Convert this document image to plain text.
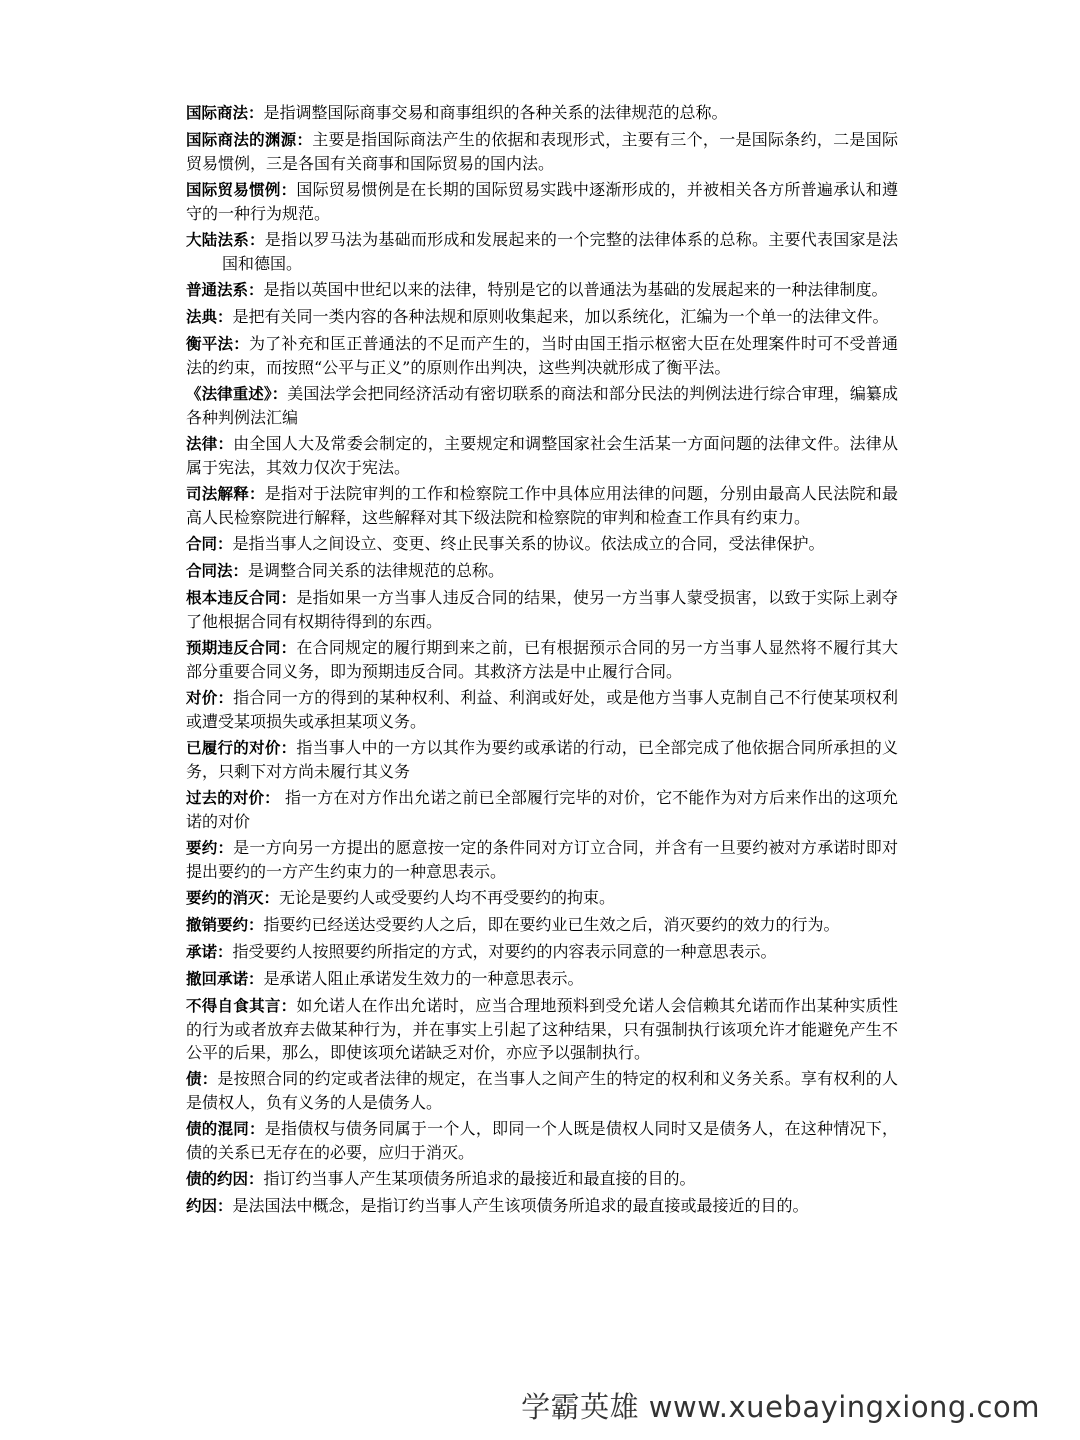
国际商法：是指调整国际商事交易和商事组织的各种关系的法律规范的总称。

国际商法的渊源：主要是指国际商法产生的依据和表现形式，主要有三个，一是国际条约，二是国际贸易惯例，三是各国有关商事和国际贸易的国内法。

国际贸易惯例：国际贸易惯例是在长期的国际贸易实践中逐渐形成的，并被相关各方所普遍承认和遵守的一种行为规范。

大陆法系：是指以罗马法为基础而形成和发展起来的一个完整的法律体系的总称。主要代表国家是法国和德国。

普通法系：是指以英国中世纪以来的法律，特别是它的以普通法为基础的发展起来的一种法律制度。

法典：是把有关同一类内容的各种法规和原则收集起来，加以系统化，汇编为一个单一的法律文件。

衡平法：为了补充和匡正普通法的不足而产生的，当时由国王指示枢密大臣在处理案件时可不受普通法的约束，而按照“公平与正义”的原则作出判决，这些判决就形成了衡平法。

《法律重述》：美国法学会把同经济活动有密切联系的商法和部分民法的判例法进行综合审理，编纂成各种判例法汇编

法律：由全国人大及常委会制定的，主要规定和调整国家社会生活某一方面问题的法律文件。法律从属于宪法，其效力仅次于宪法。

司法解释：是指对于法院审判的工作和检察院工作中具体应用法律的问题，分别由最高人民法院和最高人民检察院进行解释，这些解释对其下级法院和检察院的审判和检查工作具有约束力。

合同：是指当事人之间设立、变更、终止民事关系的协议。依法成立的合同，受法律保护。

合同法：是调整合同关系的法律规范的总称。

根本违反合同：是指如果一方当事人违反合同的结果，使另一方当事人蒙受损害，以致于实际上剥夺了他根据合同有权期待得到的东西。

预期违反合同：在合同规定的履行期到来之前，已有根据预示合同的另一方当事人显然将不履行其大部分重要合同义务，即为预期违反合同。其救济方法是中止履行合同。

对价：指合同一方的得到的某种权利、利益、利润或好处，或是他方当事人克制自己不行使某项权利或遭受某项损失或承担某项义务。

已履行的对价：指当事人中的一方以其作为要约或承诺的行动，已全部完成了他依据合同所承担的义务，只剩下对方尚未履行其义务

过去的对价： 指一方在对方作出允诺之前已全部履行完毕的对价，它不能作为对方后来作出的这项允诺的对价

要约：是一方向另一方提出的愿意按一定的条件同对方订立合同，并含有一旦要约被对方承诺时即对提出要约的一方产生约束力的一种意思表示。

要约的消灭：无论是要约人或受要约人均不再受要约的拘束。

撤销要约：指要约已经送达受要约人之后，即在要约业已生效之后，消灭要约的效力的行为。

承诺：指受要约人按照要约所指定的方式，对要约的内容表示同意的一种意思表示。

撤回承诺：是承诺人阻止承诺发生效力的一种意思表示。

不得自食其言：如允诺人在作出允诺时，应当合理地预料到受允诺人会信赖其允诺而作出某种实质性的行为或者放弃去做某种行为，并在事实上引起了这种结果，只有强制执行该项允许才能避免产生不公平的后果，那么，即使该项允诺缺乏对价，亦应予以强制执行。

债：是按照合同的约定或者法律的规定，在当事人之间产生的特定的权利和义务关系。享有权利的人是债权人，负有义务的人是债务人。

债的混同：是指债权与债务同属于一个人，即同一个人既是债权人同时又是债务人，在这种情况下，债的关系已无存在的必要，应归于消灭。

债的约因：指订约当事人产生某项债务所追求的最接近和最直接的目的。

约因：是法国法中概念，是指订约当事人产生该项债务所追求的最直接或最接近的目的。

学霸英雄 www.xuebayingxiong.com
